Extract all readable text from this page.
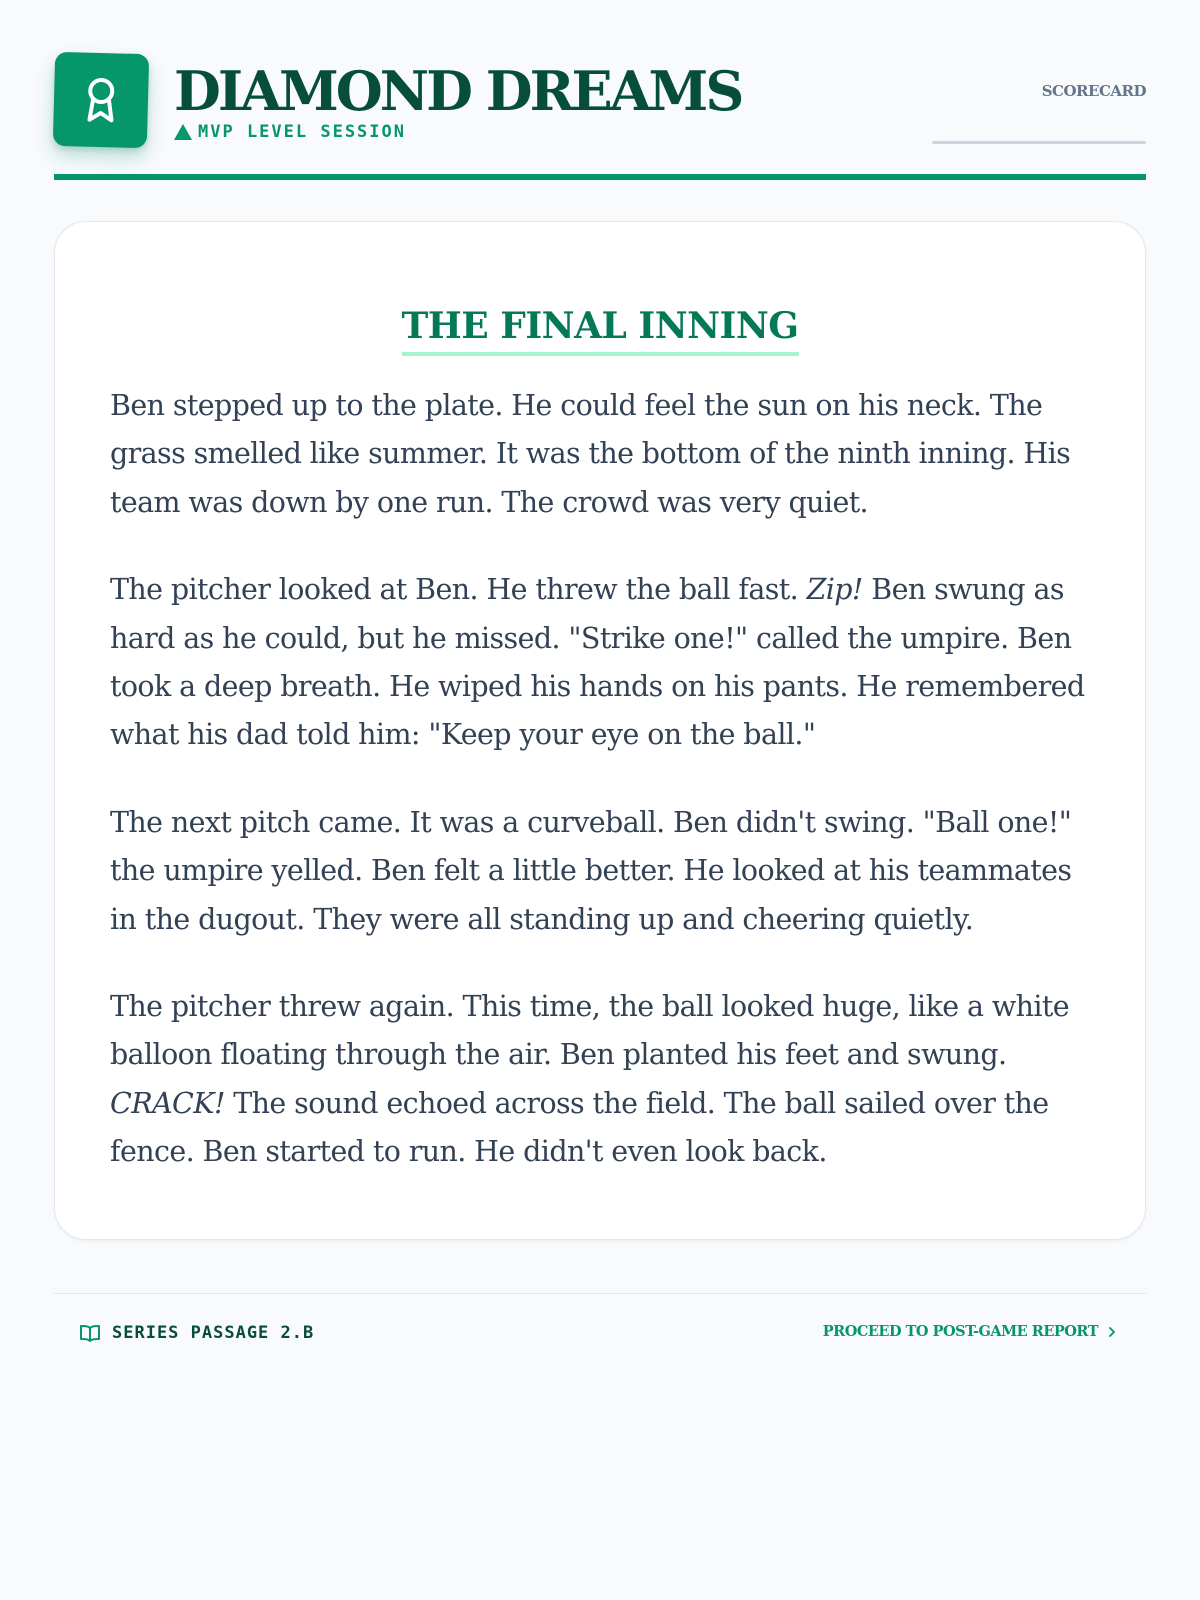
DIAMOND DREAMS
MVP LEVEL SESSION
SCORECARD
THE FINAL INNING

Ben stepped up to the plate. He could feel the sun on his neck. The grass smelled like summer. It was the bottom of the ninth inning. His team was down by one run. The crowd was very quiet.

The pitcher looked at Ben. He threw the ball fast. Zip! Ben swung as hard as he could, but he missed. "Strike one!" called the umpire. Ben took a deep breath. He wiped his hands on his pants. He remembered what his dad told him: "Keep your eye on the ball."

The next pitch came. It was a curveball. Ben didn't swing. "Ball one!" the umpire yelled. Ben felt a little better. He looked at his teammates in the dugout. They were all standing up and cheering quietly.

The pitcher threw again. This time, the ball looked huge, like a white balloon floating through the air. Ben planted his feet and swung. CRACK! The sound echoed across the field. The ball sailed over the fence. Ben started to run. He didn't even look back.

SERIES PASSAGE 2.B	PROCEED TO POST-GAME REPORT
